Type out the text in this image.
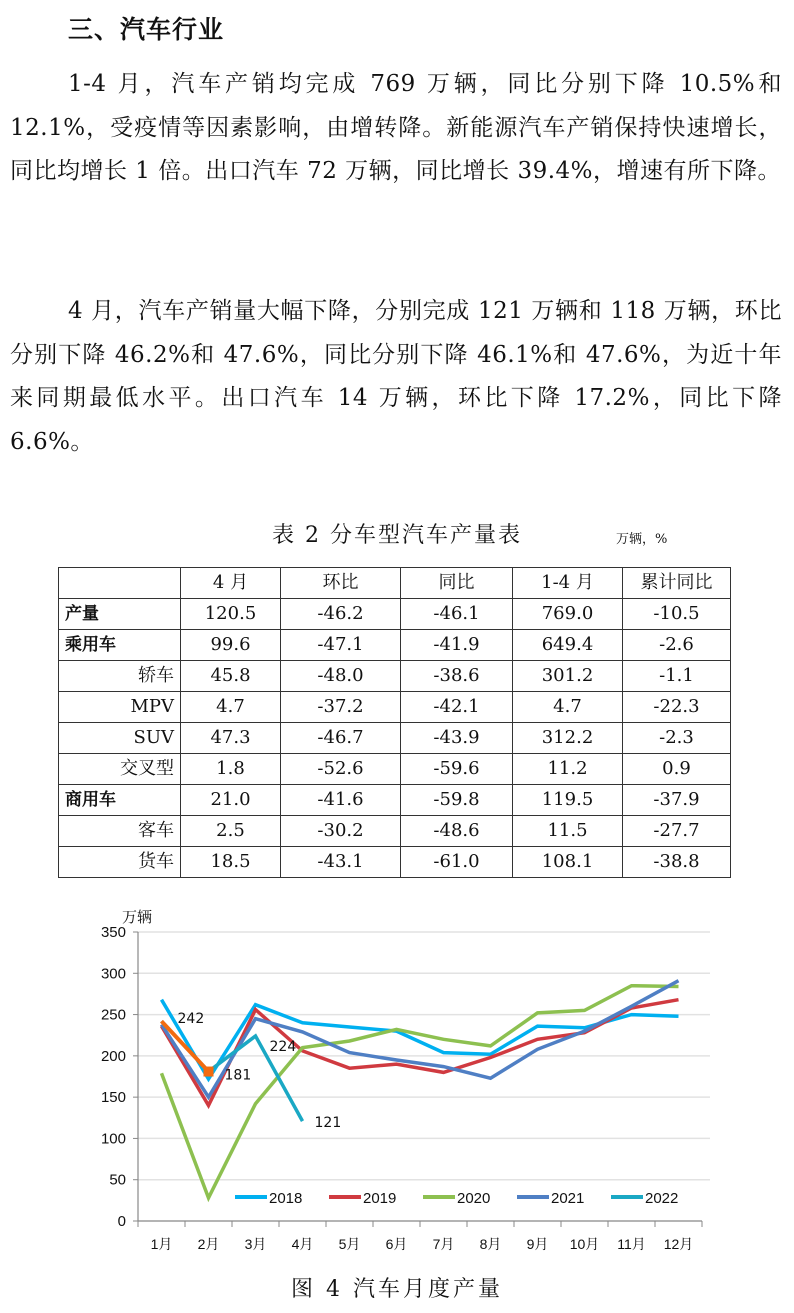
三、汽车行业
1-4 月，汽车产销均完成 769 万辆，同比分别下降 10.5%和 12.1%，受疫情等因素影响，由增转降。新能源汽车产销保持快速增长，同比均增长 1 倍。出口汽车 72 万辆，同比增长 39.4%，增速有所下降。
4 月，汽车产销量大幅下降，分别完成 121 万辆和 118 万辆，环比分别下降 46.2%和 47.6%，同比分别下降 46.1%和 47.6%，为近十年来同期最低水平。出口汽车 14 万辆，环比下降 17.2%，同比下降 6.6%。
表 2 分车型汽车产量表	万辆，%
	4 月	环比	同比	1-4 月	累计同比
产量	120.5	-46.2	-46.1	769.0	-10.5
乘用车	99.6	-47.1	-41.9	649.4	-2.6
轿车	45.8	-48.0	-38.6	301.2	-1.1
MPV	4.7	-37.2	-42.1	4.7	-22.3
SUV	47.3	-46.7	-43.9	312.2	-2.3
交叉型	1.8	-52.6	-59.6	11.2	0.9
商用车	21.0	-41.6	-59.8	119.5	-37.9
客车	2.5	-30.2	-48.6	11.5	-27.7
货车	18.5	-43.1	-61.0	108.1	-38.8
0
50
100
150
200
250
300
350
万辆
1月 2月 3月 4月 5月 6月 7月 8月 9月 10月 11月 12月
242
181
224
121
2018	2019	2020	2021	2022
图 4 汽车月度产量
